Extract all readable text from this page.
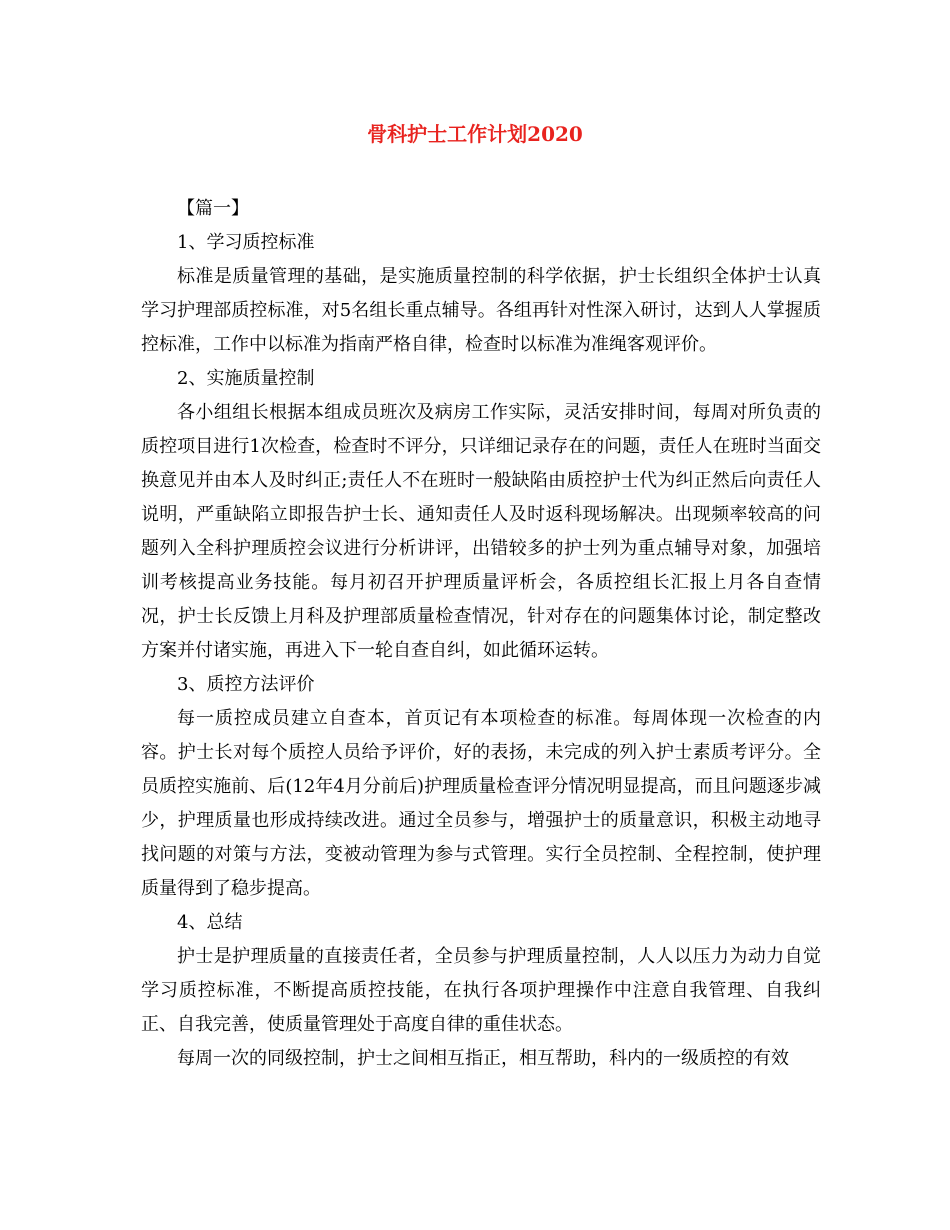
骨科护士工作计划2020

【篇一】

1、学习质控标准

标准是质量管理的基础，是实施质量控制的科学依据，护士长组织全体护士认真学习护理部质控标准，对5名组长重点辅导。各组再针对性深入研讨，达到人人掌握质控标准，工作中以标准为指南严格自律，检查时以标准为准绳客观评价。

2、实施质量控制

各小组组长根据本组成员班次及病房工作实际，灵活安排时间，每周对所负责的质控项目进行1次检查，检查时不评分，只详细记录存在的问题，责任人在班时当面交换意见并由本人及时纠正;责任人不在班时一般缺陷由质控护士代为纠正然后向责任人说明，严重缺陷立即报告护士长、通知责任人及时返科现场解决。出现频率较高的问题列入全科护理质控会议进行分析讲评，出错较多的护士列为重点辅导对象，加强培训考核提高业务技能。每月初召开护理质量评析会，各质控组长汇报上月各自查情况，护士长反馈上月科及护理部质量检查情况，针对存在的问题集体讨论，制定整改方案并付诸实施，再进入下一轮自查自纠，如此循环运转。

3、质控方法评价

每一质控成员建立自查本，首页记有本项检查的标准。每周体现一次检查的内容。护士长对每个质控人员给予评价，好的表扬，未完成的列入护士素质考评分。全员质控实施前、后(12年4月分前后)护理质量检查评分情况明显提高，而且问题逐步减少，护理质量也形成持续改进。通过全员参与，增强护士的质量意识，积极主动地寻找问题的对策与方法，变被动管理为参与式管理。实行全员控制、全程控制，使护理质量得到了稳步提高。

4、总结

护士是护理质量的直接责任者，全员参与护理质量控制，人人以压力为动力自觉学习质控标准，不断提高质控技能，在执行各项护理操作中注意自我管理、自我纠正、自我完善，使质量管理处于高度自律的重佳状态。

每周一次的同级控制，护士之间相互指正，相互帮助，科内的一级质控的有效
